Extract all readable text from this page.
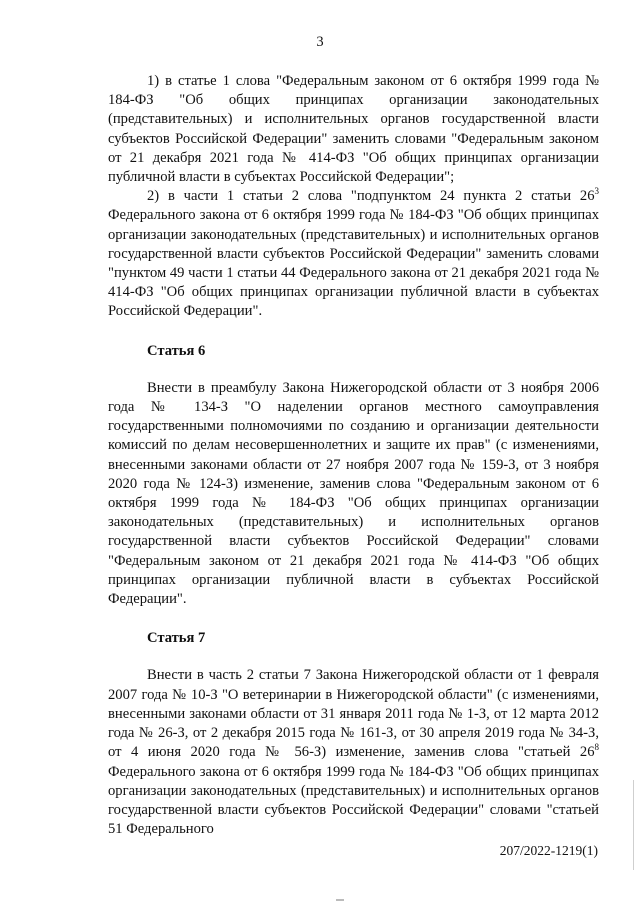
3

1) в статье 1 слова "Федеральным законом от 6 октября 1999 года № 184-ФЗ "Об общих принципах организации законодательных (представительных) и исполнительных органов государственной власти субъектов Российской Федерации" заменить словами "Федеральным законом от 21 декабря 2021 года № 414-ФЗ "Об общих принципах организации публичной власти в субъектах Российской Федерации";

2) в части 1 статьи 2 слова "подпунктом 24 пункта 2 статьи $26^3$ Федерального закона от 6 октября 1999 года № 184-ФЗ "Об общих принципах организации законодательных (представительных) и исполнительных органов государственной власти субъектов Российской Федерации" заменить словами "пунктом 49 части 1 статьи 44 Федерального закона от 21 декабря 2021 года № 414-ФЗ "Об общих принципах организации публичной власти в субъектах Российской Федерации".

Статья 6

Внести в преамбулу Закона Нижегородской области от 3 ноября 2006 года № 134-З "О наделении органов местного самоуправления государственными полномочиями по созданию и организации деятельности комиссий по делам несовершеннолетних и защите их прав" (с изменениями, внесенными законами области от 27 ноября 2007 года № 159-З, от 3 ноября 2020 года № 124-З) изменение, заменив слова "Федеральным законом от 6 октября 1999 года № 184-ФЗ "Об общих принципах организации законодательных (представительных) и исполнительных органов государственной власти субъектов Российской Федерации" словами "Федеральным законом от 21 декабря 2021 года № 414-ФЗ "Об общих принципах организации публичной власти в субъектах Российской Федерации".

Статья 7

Внести в часть 2 статьи 7 Закона Нижегородской области от 1 февраля 2007 года № 10-З "О ветеринарии в Нижегородской области" (с изменениями, внесенными законами области от 31 января 2011 года № 1-З, от 12 марта 2012 года № 26-З, от 2 декабря 2015 года № 161-З, от 30 апреля 2019 года № 34-З, от 4 июня 2020 года № 56-З) изменение, заменив слова "статьей $26^8$ Федерального закона от 6 октября 1999 года № 184-ФЗ "Об общих принципах организации законодательных (представительных) и исполнительных органов государственной власти субъектов Российской Федерации" словами "статьей 51 Федерального

207/2022-1219(1)
